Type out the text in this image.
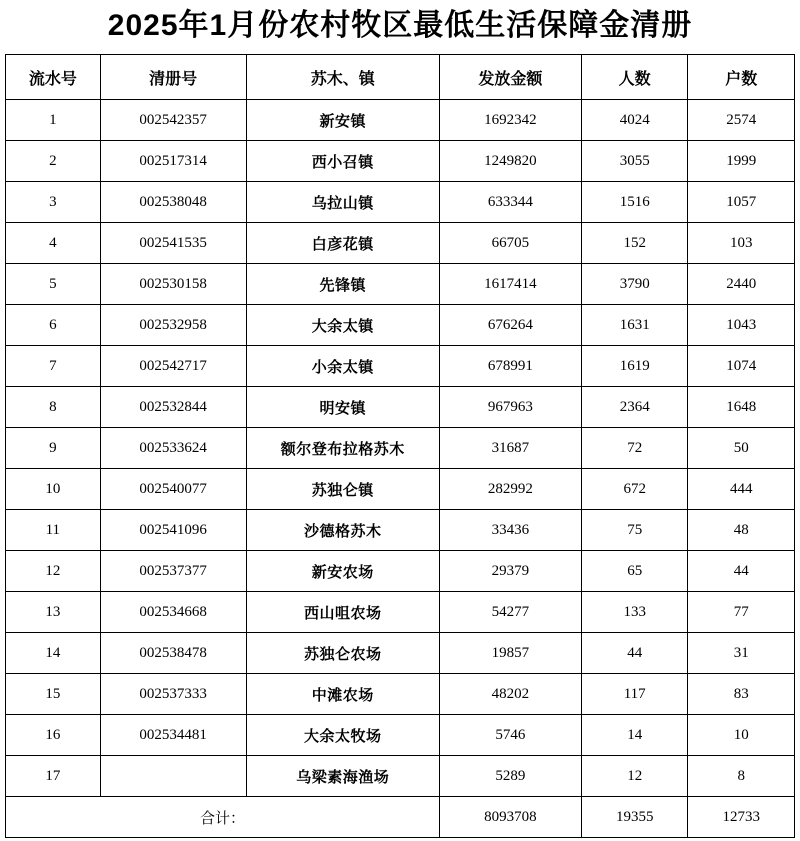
2025年1月份农村牧区最低生活保障金清册
流水号	清册号	苏木、镇	发放金额	人数	户数
1	002542357	新安镇	1692342	4024	2574
2	002517314	西小召镇	1249820	3055	1999
3	002538048	乌拉山镇	633344	1516	1057
4	002541535	白彦花镇	66705	152	103
5	002530158	先锋镇	1617414	3790	2440
6	002532958	大余太镇	676264	1631	1043
7	002542717	小余太镇	678991	1619	1074
8	002532844	明安镇	967963	2364	1648
9	002533624	额尔登布拉格苏木	31687	72	50
10	002540077	苏独仑镇	282992	672	444
11	002541096	沙德格苏木	33436	75	48
12	002537377	新安农场	29379	65	44
13	002534668	西山咀农场	54277	133	77
14	002538478	苏独仑农场	19857	44	31
15	002537333	中滩农场	48202	117	83
16	002534481	大余太牧场	5746	14	10
17		乌梁素海渔场	5289	12	8
合计：			8093708	19355	12733
